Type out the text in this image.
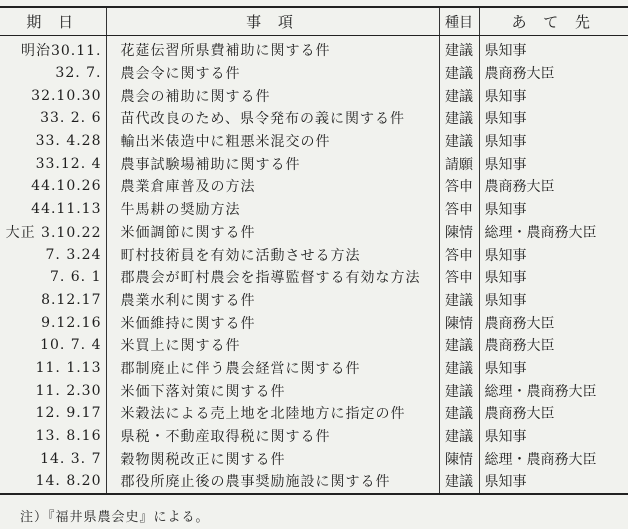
期 日	事 項	種目	あ て 先
明治30.11.	花莚伝習所県費補助に関する件	建議	県知事
32. 7.	農会令に関する件	建議	農商務大臣
32.10.30	農会の補助に関する件	建議	県知事
33. 2. 6	苗代改良のため、県令発布の義に関する件	建議	県知事
33. 4.28	輸出米俵造中に粗悪米混交の件	建議	県知事
33.12. 4	農事試験場補助に関する件	請願	県知事
44.10.26	農業倉庫普及の方法	答申	農商務大臣
44.11.13	牛馬耕の奨励方法	答申	県知事
大正 3.10.22	米価調節に関する件	陳情	総理・農商務大臣
7. 3.24	町村技術員を有効に活動させる方法	答申	県知事
7. 6. 1	郡農会が町村農会を指導監督する有効な方法	答申	県知事
8.12.17	農業水利に関する件	建議	県知事
9.12.16	米価維持に関する件	陳情	農商務大臣
10. 7. 4	米買上に関する件	建議	農商務大臣
11. 1.13	郡制廃止に伴う農会経営に関する件	建議	県知事
11. 2.30	米価下落対策に関する件	建議	総理・農商務大臣
12. 9.17	米穀法による売上地を北陸地方に指定の件	建議	農商務大臣
13. 8.16	県税・不動産取得税に関する件	建議	県知事
14. 3. 7	穀物関税改正に関する件	陳情	総理・農商務大臣
14. 8.20	郡役所廃止後の農事奨励施設に関する件	建議	県知事
注）『福井県農会史』による。
